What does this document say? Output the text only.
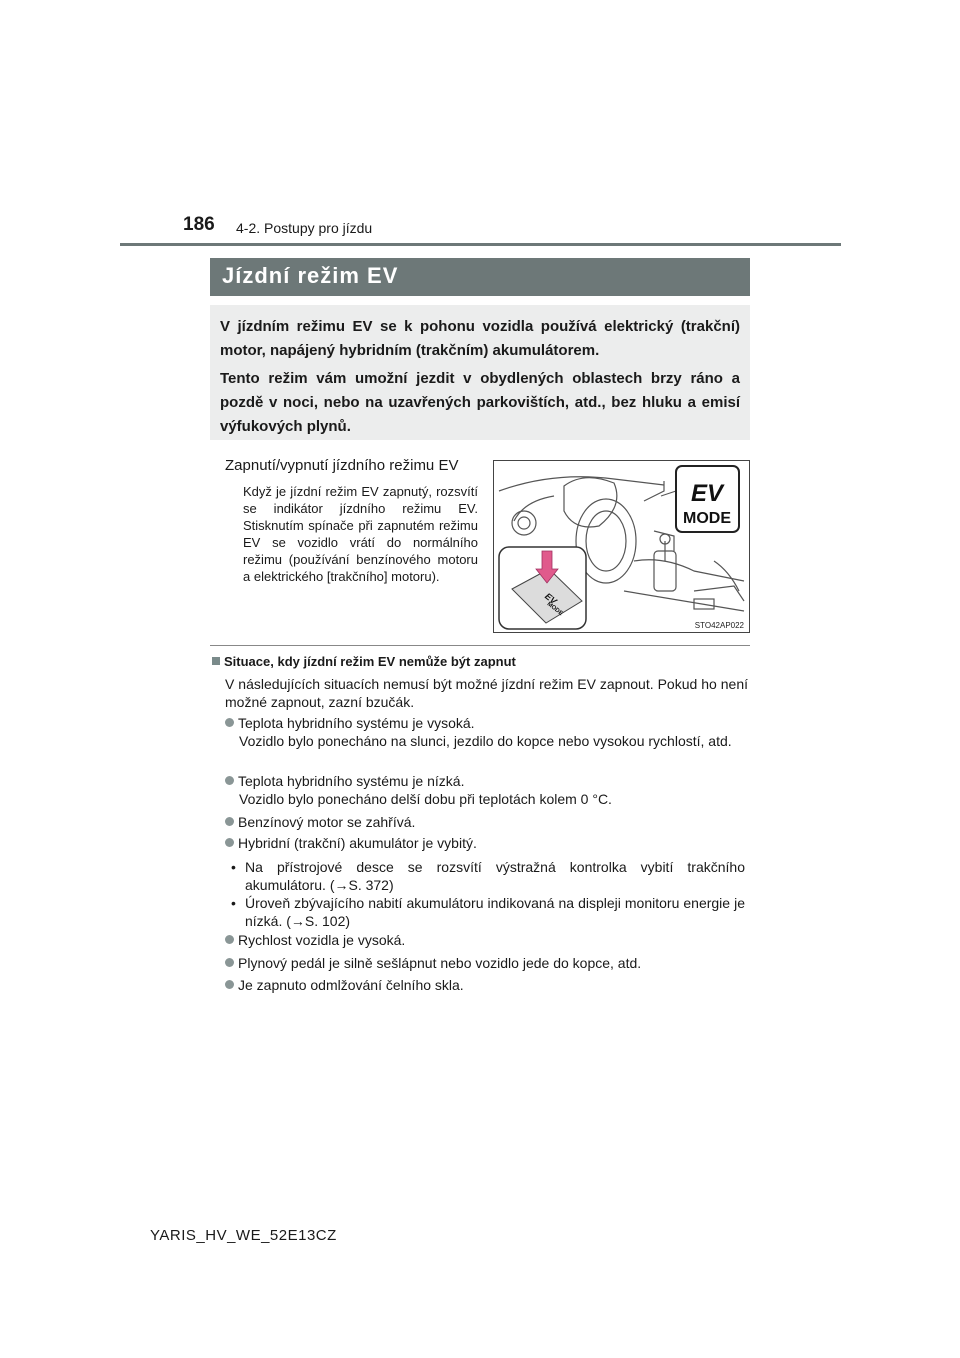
186 4-2. Postupy pro jízdu
Jízdní režim EV

V jízdním režimu EV se k pohonu vozidla používá elektrický (trakční) motor, napájený hybridním (trakčním) akumulátorem.

Tento režim vám umožní jezdit v obydlených oblastech brzy ráno a pozdě v noci, nebo na uzavřených parkovištích, atd., bez hluku a emisí výfukových plynů.

Zapnutí/vypnutí jízdního režimu EV
Když je jízdní režim EV zapnutý, rozsvítí se indikátor jízdního režimu EV. Stisknutím spínače při zapnutém režimu EV se vozidlo vrátí do normálního režimu (používání benzínového motoru a elektrického [trakčního] motoru).
EV
MODE
EV
MODE
STO42AP022
Situace, kdy jízdní režim EV nemůže být zapnut
V následujících situacích nemusí být možné jízdní režim EV zapnout. Pokud ho není možné zapnout, zazní bzučák.
Teplota hybridního systému je vysoká.
Vozidlo bylo ponecháno na slunci, jezdilo do kopce nebo vysokou rychlostí, atd.
Teplota hybridního systému je nízká.
Vozidlo bylo ponecháno delší dobu při teplotách kolem 0 °C.
Benzínový motor se zahřívá.
Hybridní (trakční) akumulátor je vybitý.
• Na přístrojové desce se rozsvítí výstražná kontrolka vybití trakčního akumulátoru. (→S. 372)
• Úroveň zbývajícího nabití akumulátoru indikovaná na displeji monitoru energie je nízká. (→S. 102)
Rychlost vozidla je vysoká.
Plynový pedál je silně sešlápnut nebo vozidlo jede do kopce, atd.
Je zapnuto odmlžování čelního skla.
YARIS_HV_WE_52E13CZ
